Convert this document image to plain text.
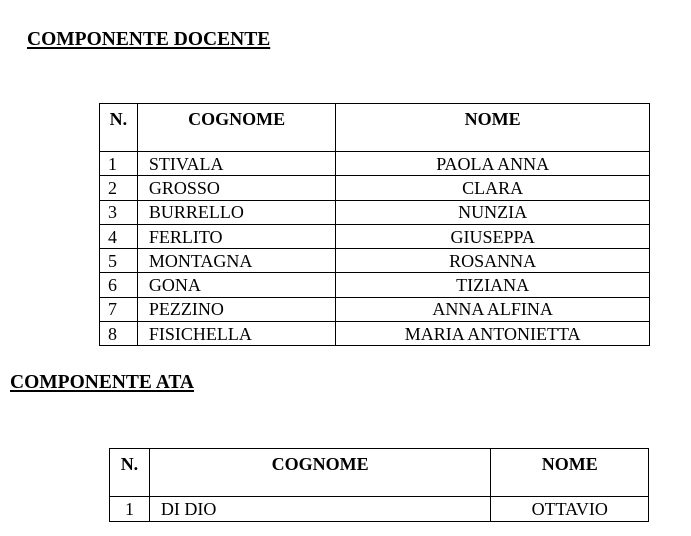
COMPONENTE DOCENTE
N.	COGNOME	NOME
1	STIVALA	PAOLA ANNA
2	GROSSO	CLARA
3	BURRELLO	NUNZIA
4	FERLITO	GIUSEPPA
5	MONTAGNA	ROSANNA
6	GONA	TIZIANA
7	PEZZINO	ANNA ALFINA
8	FISICHELLA	MARIA ANTONIETTA
COMPONENTE ATA
N.	COGNOME	NOME
1	DI DIO	OTTAVIO
